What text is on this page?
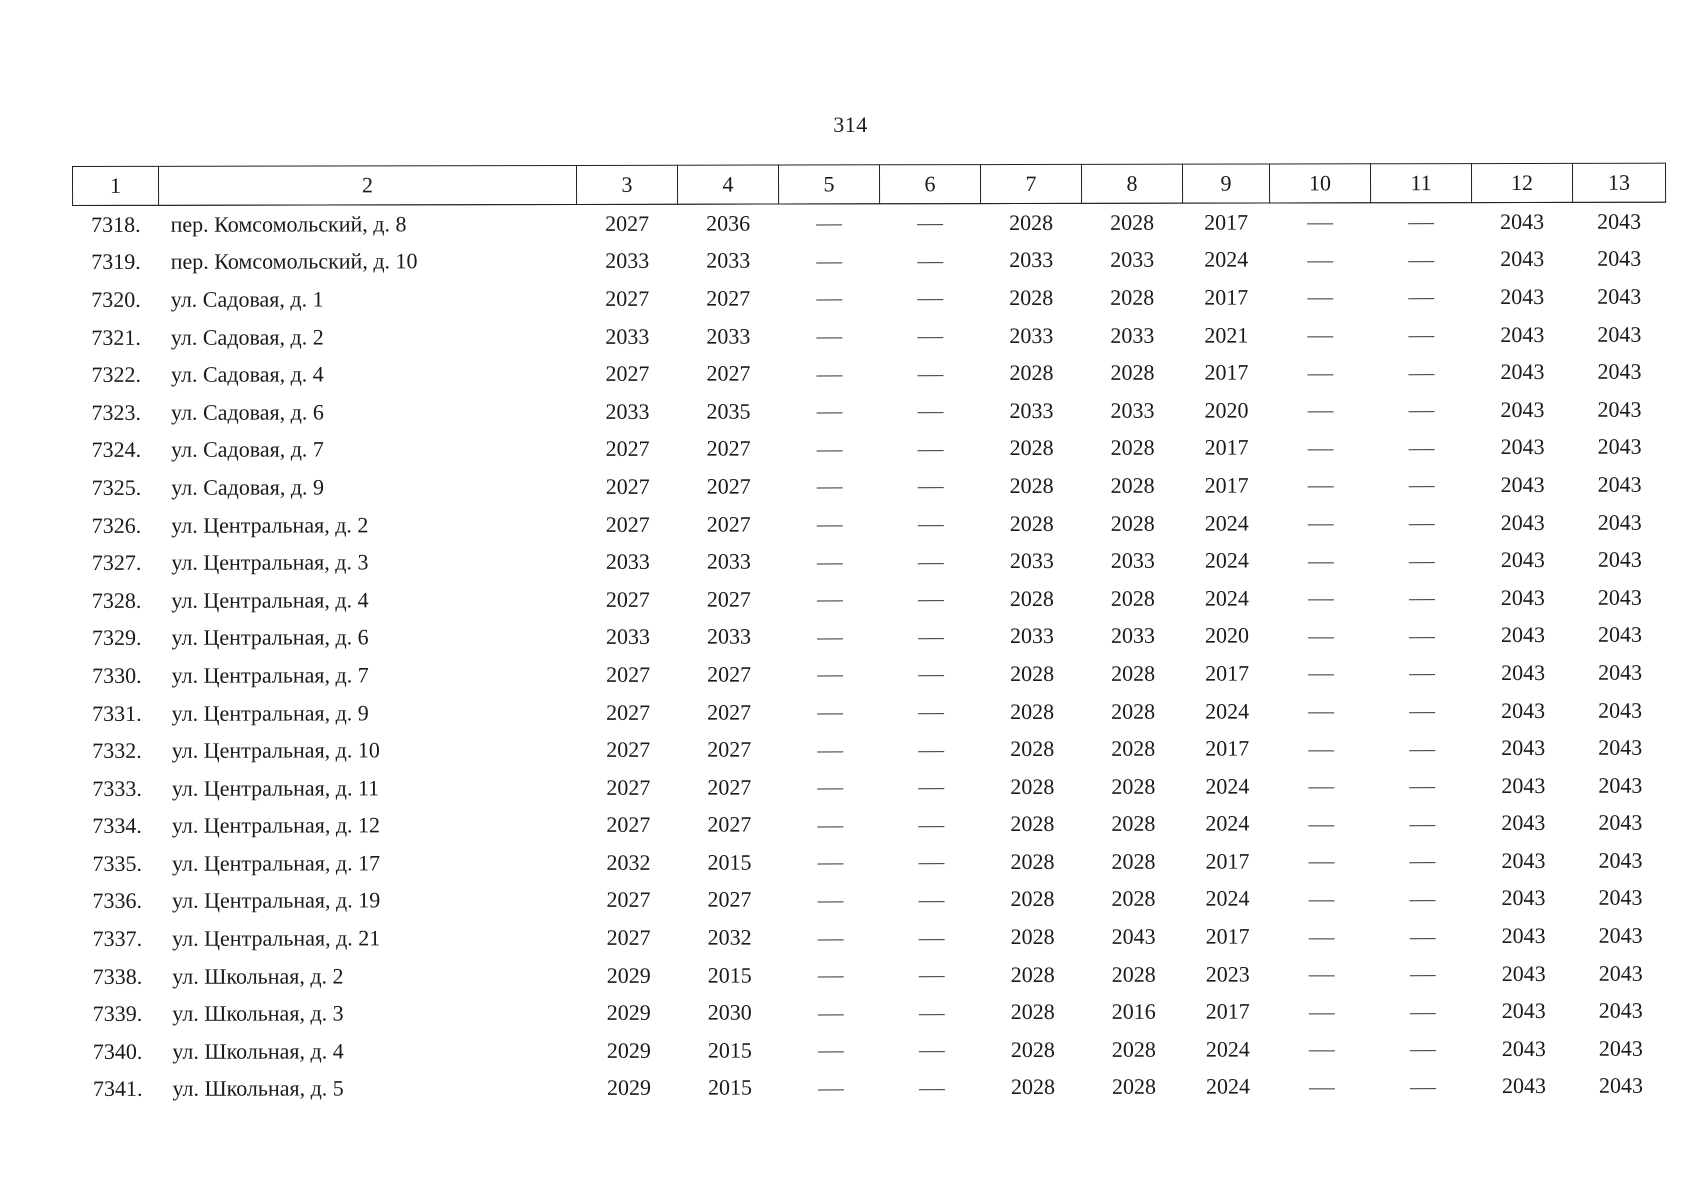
314
1	2	3	4	5	6	7	8	9	10	11	12	13
7318.	пер. Комсомольский, д. 8	2027	2036			2028	2028	2017			2043	2043
7319.	пер. Комсомольский, д. 10	2033	2033			2033	2033	2024			2043	2043
7320.	ул. Садовая, д. 1	2027	2027			2028	2028	2017			2043	2043
7321.	ул. Садовая, д. 2	2033	2033			2033	2033	2021			2043	2043
7322.	ул. Садовая, д. 4	2027	2027			2028	2028	2017			2043	2043
7323.	ул. Садовая, д. 6	2033	2035			2033	2033	2020			2043	2043
7324.	ул. Садовая, д. 7	2027	2027			2028	2028	2017			2043	2043
7325.	ул. Садовая, д. 9	2027	2027			2028	2028	2017			2043	2043
7326.	ул. Центральная, д. 2	2027	2027			2028	2028	2024			2043	2043
7327.	ул. Центральная, д. 3	2033	2033			2033	2033	2024			2043	2043
7328.	ул. Центральная, д. 4	2027	2027			2028	2028	2024			2043	2043
7329.	ул. Центральная, д. 6	2033	2033			2033	2033	2020			2043	2043
7330.	ул. Центральная, д. 7	2027	2027			2028	2028	2017			2043	2043
7331.	ул. Центральная, д. 9	2027	2027			2028	2028	2024			2043	2043
7332.	ул. Центральная, д. 10	2027	2027			2028	2028	2017			2043	2043
7333.	ул. Центральная, д. 11	2027	2027			2028	2028	2024			2043	2043
7334.	ул. Центральная, д. 12	2027	2027			2028	2028	2024			2043	2043
7335.	ул. Центральная, д. 17	2032	2015			2028	2028	2017			2043	2043
7336.	ул. Центральная, д. 19	2027	2027			2028	2028	2024			2043	2043
7337.	ул. Центральная, д. 21	2027	2032			2028	2043	2017			2043	2043
7338.	ул. Школьная, д. 2	2029	2015			2028	2028	2023			2043	2043
7339.	ул. Школьная, д. 3	2029	2030			2028	2016	2017			2043	2043
7340.	ул. Школьная, д. 4	2029	2015			2028	2028	2024			2043	2043
7341.	ул. Школьная, д. 5	2029	2015			2028	2028	2024			2043	2043
